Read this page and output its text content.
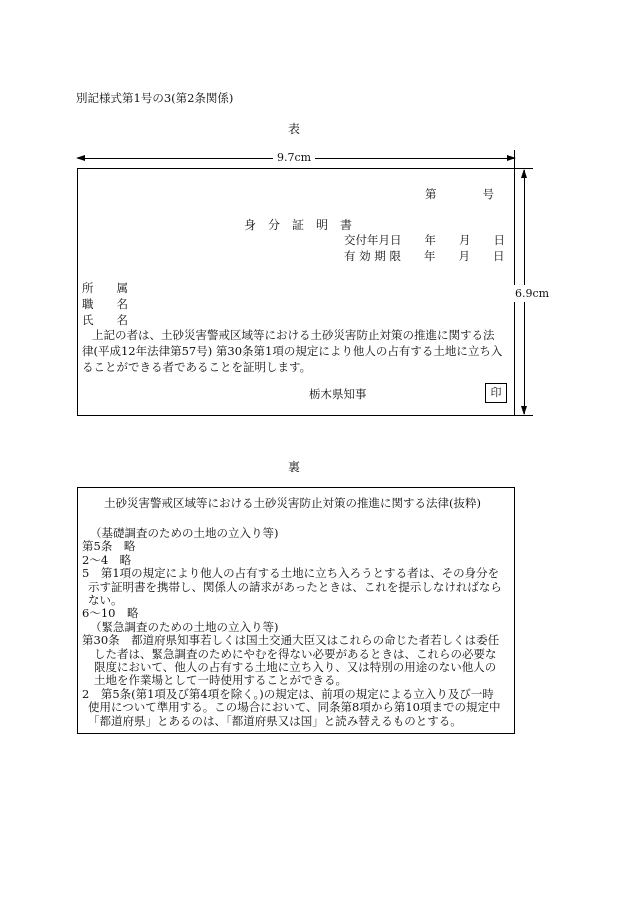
別記様式第1号の3(第2条関係)
表
9.7cm
6.9cm
第　　　　号
身　分　証　明　書
交付年月日　　年　　月　　日
有 効 期 限　　年　　月　　日
所　　属
職　　名
氏　　名
上記の者は、土砂災害警戒区域等における土砂災害防止対策の推進に関する法
律(平成12年法律第57号) 第30条第1項の規定により他人の占有する土地に立ち入
ることができる者であることを証明します。
栃木県知事	印
裏
土砂災害警戒区域等における土砂災害防止対策の推進に関する法律(抜粋)
（基礎調査のための土地の立入り等)
第5条　略
2〜4　略
5　第1項の規定により他人の占有する土地に立ち入ろうとする者は、その身分を
示す証明書を携帯し、関係人の請求があったときは、これを提示しなければなら
ない。
6〜10　略
（緊急調査のための土地の立入り等)
第30条　都道府県知事若しくは国土交通大臣又はこれらの命じた者若しくは委任
した者は、緊急調査のためにやむを得ない必要があるときは、これらの必要な
限度において、他人の占有する土地に立ち入り、又は特別の用途のない他人の
土地を作業場として一時使用することができる。
2　第5条(第1項及び第4項を除く。)の規定は、前項の規定による立入り及び一時
使用について準用する。この場合において、同条第8項から第10項までの規定中
「都道府県」とあるのは、「都道府県又は国」と読み替えるものとする。
